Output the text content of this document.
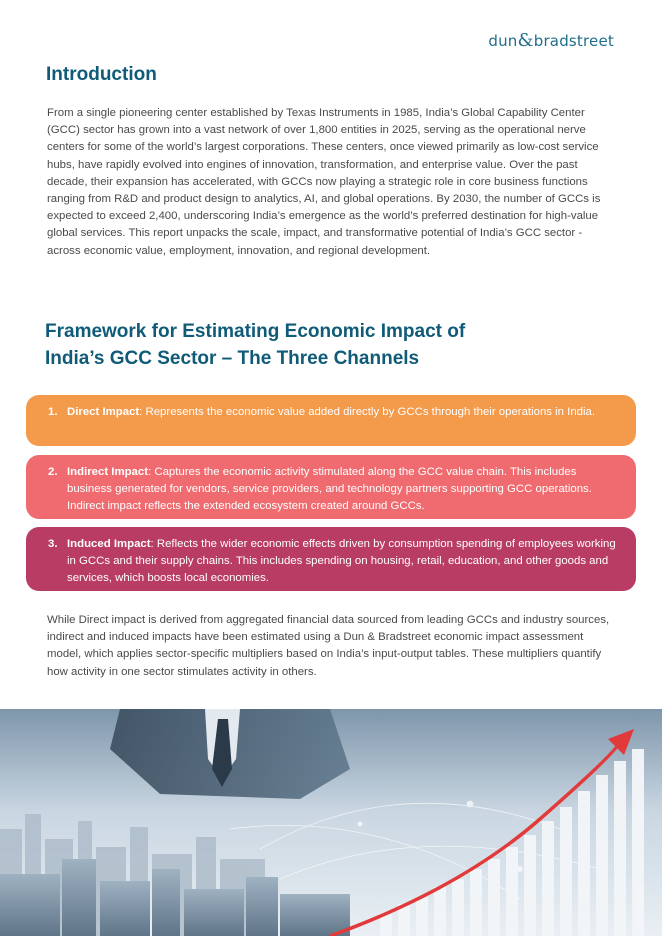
dun&bradstreet
Introduction

From a single pioneering center established by Texas Instruments in 1985, India’s Global Capability Center (GCC) sector has grown into a vast network of over 1,800 entities in 2025, serving as the operational nerve centers for some of the world’s largest corporations. These centers, once viewed primarily as low-cost service hubs, have rapidly evolved into engines of innovation, transformation, and enterprise value. Over the past decade, their expansion has accelerated, with GCCs now playing a strategic role in core business functions ranging from R&D and product design to analytics, AI, and global operations. By 2030, the number of GCCs is expected to exceed 2,400, underscoring India’s emergence as the world’s preferred destination for high-value global services. This report unpacks the scale, impact, and transformative potential of India’s GCC sector - across economic value, employment, innovation, and regional development.

Framework for Estimating Economic Impact of
India’s GCC Sector – The Three Channels
1. Direct Impact: Represents the economic value added directly by GCCs through their operations in India.
2. Indirect Impact: Captures the economic activity stimulated along the GCC value chain. This includes business generated for vendors, service providers, and technology partners supporting GCC operations. Indirect impact reflects the extended ecosystem created around GCCs.
3. Induced Impact: Reflects the wider economic effects driven by consumption spending of employees working in GCCs and their supply chains. This includes spending on housing, retail, education, and other goods and services, which boosts local economies.

While Direct impact is derived from aggregated financial data sourced from leading GCCs and industry sources, indirect and induced impacts have been estimated using a Dun & Bradstreet economic impact assessment model, which applies sector-specific multipliers based on India’s input-output tables. These multipliers quantify how activity in one sector stimulates activity in others.
